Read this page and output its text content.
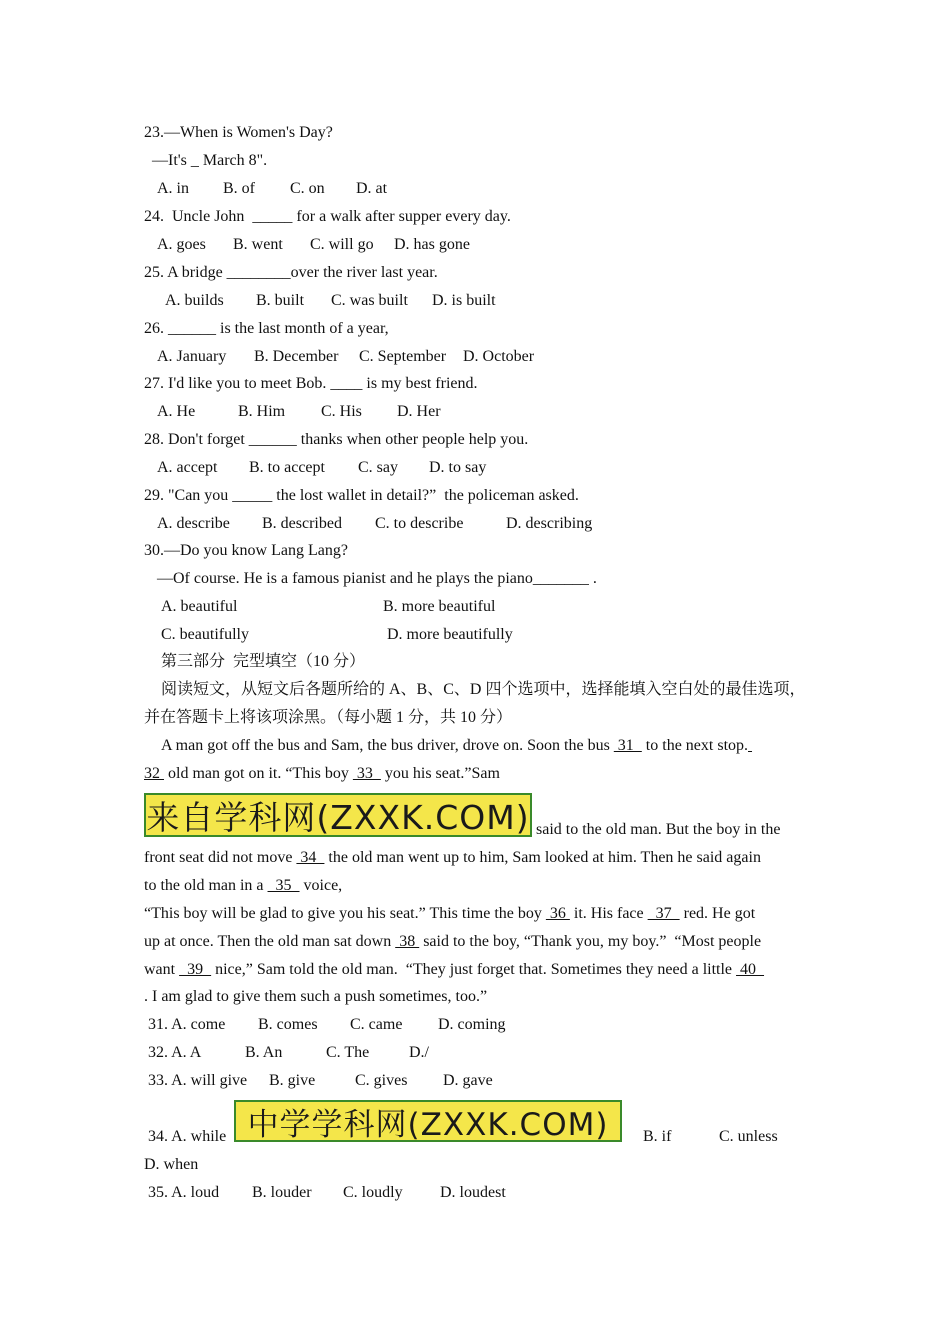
23.—When is Women's Day?
—It's _ March 8".
A. in B. of C. on D. at
24.  Uncle John  _____ for a walk after supper every day.
A. goes B. went C. will go D. has gone
25. A bridge ________over the river last year.
A. builds B. built C. was built D. is built
26. ______ is the last month of a year,
A. January B. December C. September D. October
27. I'd like you to meet Bob. ____ is my best friend.
A. He	B. Him C. His D. Her
28. Don't forget ______ thanks when other people help you.
A. accept B. to accept C. say D. to say
29. "Can you _____ the lost wallet in detail?”  the policeman asked.
A. describe B. described C. to describe	D. describing
30.—Do you know Lang Lang?
—Of course. He is a famous pianist and he plays the piano_______ .
A. beautiful	B. more beautiful
C. beautifully	D. more beautifully
第三部分  完型填空（10 分）
阅读短文，从短文后各题所给的 A、B、C、D 四个选项中，选择能填入空白处的最佳选项，
并在答题卡上将该项涂黑。（每小题 1 分，共 10 分）
A man got off the bus and Sam, the bus driver, drove on. Soon the bus  31   to the next stop.
32  old man got on it. “This boy  33   you his seat.”Sam
来自学科网(ZXXK.COM) said to the old man. But the boy in the
front seat did not move  34   the old man went up to him, Sam looked at him. Then he said again
to the old man in a   35   voice,
“This boy will be glad to give you his seat.” This time the boy  36  it. His face   37   red. He got
up at once. Then the old man sat down  38  said to the boy, “Thank you, my boy.”  “Most people
want   39   nice,” Sam told the old man.  “They just forget that. Sometimes they need a little  40
. I am glad to give them such a push sometimes, too.”
31. A. come B. comes C. came D. coming
32. A. A	B. An	C. The D./
33. A. will give B. give C. gives D. gave
34. A. while 中学学科网(ZXXK.COM)	B. if	C. unless
D. when
35. A. loud B. louder C. loudly D. loudest
